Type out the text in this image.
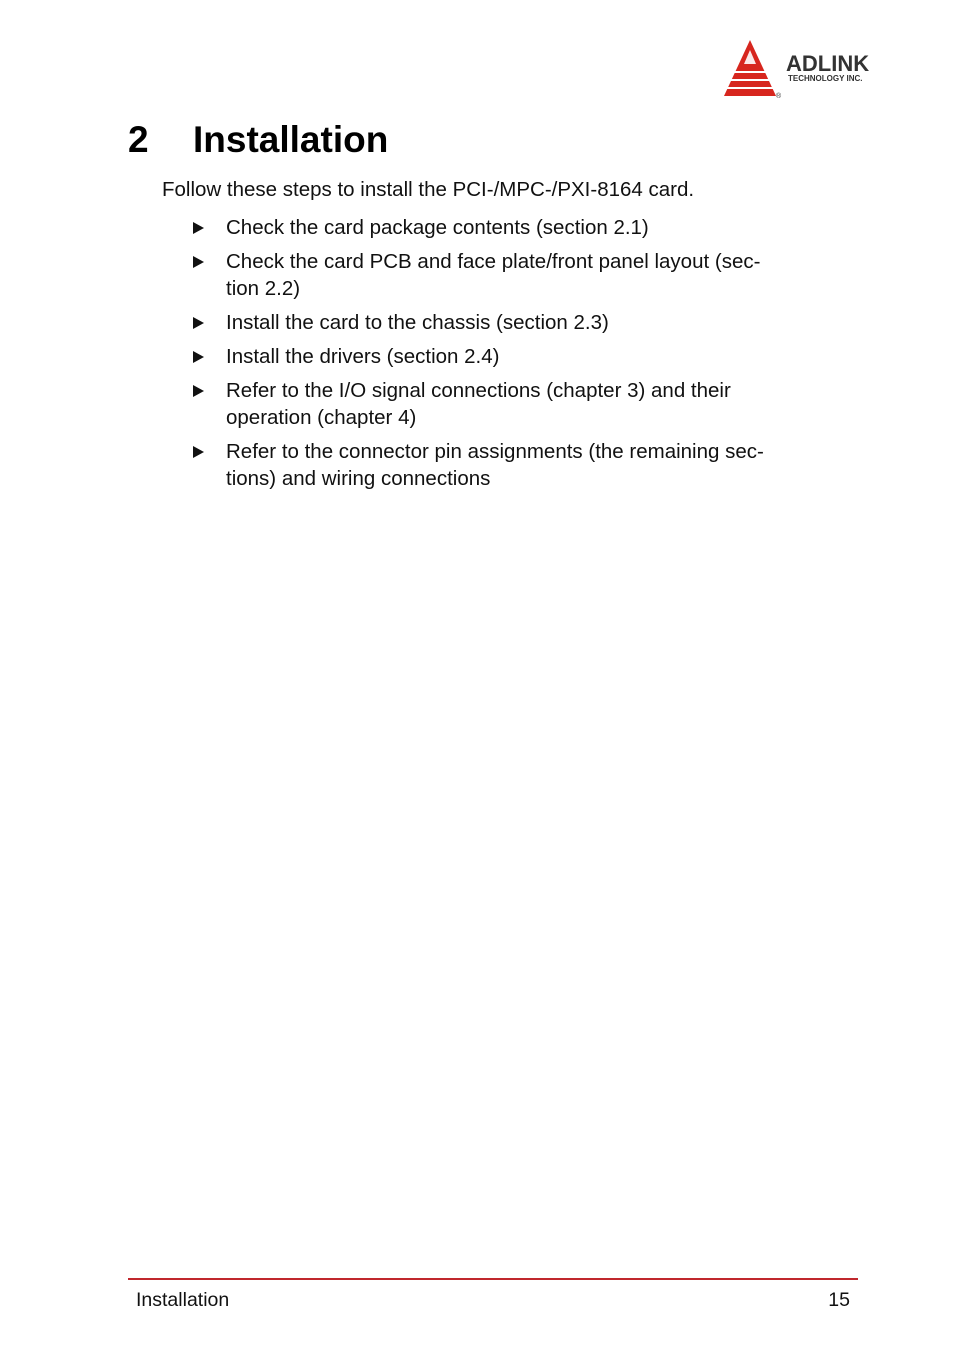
ADLINK
TECHNOLOGY INC.
®
2 Installation

Follow these steps to install the PCI-/MPC-/PXI-8164 card.

Check the card package contents (section 2.1)
Check the card PCB and face plate/front panel layout (sec-
tion 2.2)
Install the card to the chassis (section 2.3)
Install the drivers (section 2.4)
Refer to the I/O signal connections (chapter 3) and their
operation (chapter 4)
Refer to the connector pin assignments (the remaining sec-
tions) and wiring connections
Installation	15
